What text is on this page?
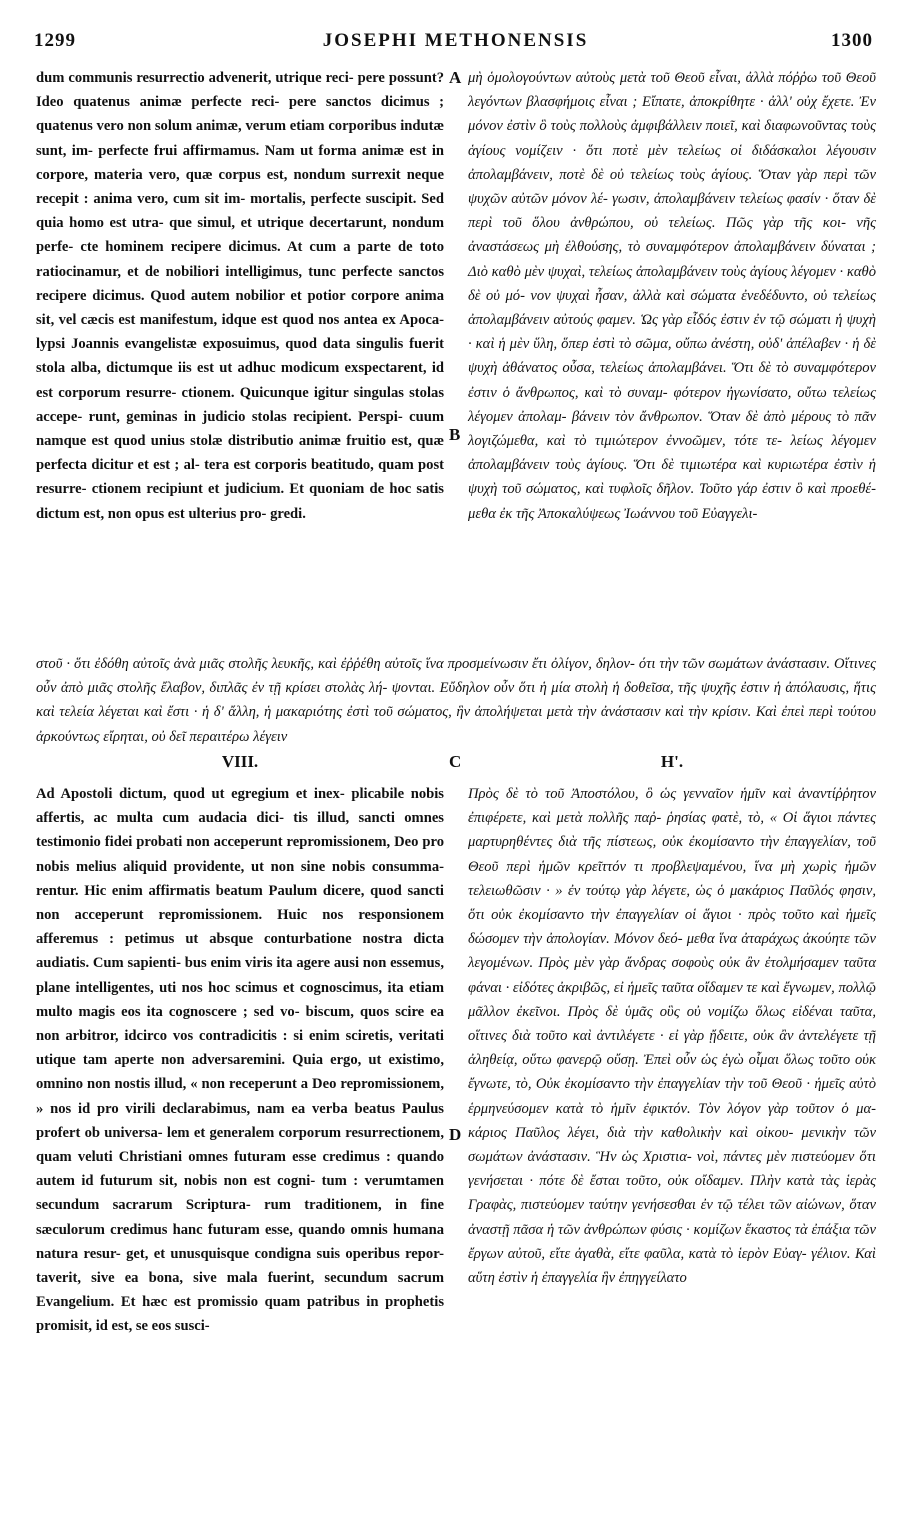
JOSEPHI METHONENSIS
1299	1300

dum communis resurrectio advenerit, utrique reci- pere possunt? Ideo quatenus animæ perfecte reci- pere sanctos dicimus ; quatenus vero non solum animæ, verum etiam corporibus indutæ sunt, im- perfecte frui affirmamus. Nam ut forma animæ est in corpore, materia vero, quæ corpus est, nondum surrexit neque recepit : anima vero, cum sit im- mortalis, perfecte suscipit. Sed quia homo est utra- que simul, et utrique decertarunt, nondum perfe- cte hominem recipere dicimus. At cum a parte de toto ratiocinamur, et de nobiliori intelligimus, tunc perfecte sanctos recipere dicimus. Quod autem nobilior et potior corpore anima sit, vel cæcis est manifestum, idque est quod nos antea ex Apoca- lypsi Joannis evangelistæ exposuimus, quod data singulis fuerit stola alba, dictumque iis est ut adhuc modicum exspectarent, id est corporum resurre- ctionem. Quicunque igitur singulas stolas accepe- runt, geminas in judicio stolas recipient. Perspi- cuum namque est quod unius stolæ distributio animæ fruitio est, quæ perfecta dicitur et est ; al- tera est corporis beatitudo, quam post resurre- ctionem recipiunt et judicium. Et quoniam de hoc satis dictum est, non opus est ulterius pro- gredi.

A
B

μὴ ὁμολογούντων αὐτοὺς μετὰ τοῦ Θεοῦ εἶναι, ἀλλὰ πόῤῥω τοῦ Θεοῦ λεγόντων βλασφήμοις εἶναι ; Εἴπατε, ἀποκρίθητε · ἀλλ' οὐχ ἔχετε. Ἐν μόνον ἐστὶν ὃ τοὺς πολλοὺς ἀμφιβάλλειν ποιεῖ, καὶ διαφωνοῦντας τοὺς ἁγίους νομίζειν · ὅτι ποτὲ μὲν τελείως οἱ διδάσκαλοι λέγουσιν ἀπολαμβάνειν, ποτὲ δὲ οὐ τελείως τοὺς ἁγίους. Ὅταν γὰρ περὶ τῶν ψυχῶν αὐτῶν μόνον λέ- γωσιν, ἀπολαμβάνειν τελείως φασίν · ὅταν δὲ περὶ τοῦ ὅλου ἀνθρώπου, οὐ τελείως. Πῶς γὰρ τῆς κοι- νῆς ἀναστάσεως μὴ ἐλθούσης, τὸ συναμφότερον ἀπολαμβάνειν δύναται ; Διὸ καθὸ μὲν ψυχαὶ, τελείως ἀπολαμβάνειν τοὺς ἁγίους λέγομεν · καθὸ δὲ οὐ μό- νον ψυχαὶ ἦσαν, ἀλλὰ καὶ σώματα ἐνεδέδυντο, οὐ τελείως ἀπολαμβάνειν αὐτούς φαμεν. Ὡς γὰρ εἶδός ἐστιν ἐν τῷ σώματι ἡ ψυχὴ · καὶ ἡ μὲν ὕλη, ὅπερ ἐστὶ τὸ σῶμα, οὔπω ἀνέστη, οὐδ' ἀπέλαβεν · ἡ δὲ ψυχὴ ἀθάνατος οὖσα, τελείως ἀπολαμβάνει. Ὅτι δὲ τὸ συναμφότερον ἐστιν ὁ ἄνθρωπος, καὶ τὸ συναμ- φότερον ἠγωνίσατο, οὔτω τελείως λέγομεν ἀπολαμ- βάνειν τὸν ἄνθρωπον. Ὅταν δὲ ἀπὸ μέρους τὸ πᾶν λογιζώμεθα, καὶ τὸ τιμιώτερον ἐννοῶμεν, τότε τε- λείως λέγομεν ἀπολαμβάνειν τοὺς ἁγίους. Ὅτι δὲ τιμιωτέρα καὶ κυριωτέρα ἐστὶν ἡ ψυχὴ τοῦ σώματος, καὶ τυφλοῖς δῆλον. Τοῦτο γάρ ἐστιν ὃ καὶ προεθέ- μεθα ἐκ τῆς Ἀποκαλύψεως Ἰωάννου τοῦ Εὐαγγελι-

στοῦ · ὅτι ἐδόθη αὐτοῖς ἀνὰ μιᾶς στολῆς λευκῆς, καὶ ἐῤῥέθη αὐτοῖς ἵνα προσμείνωσιν ἔτι ὀλίγον, δηλον- ότι τὴν τῶν σωμάτων ἀνάστασιν. Οἵτινες οὖν ἀπὸ μιᾶς στολῆς ἔλαβον, διπλᾶς ἐν τῇ κρίσει στολὰς λή- ψονται. Εὔδηλον οὖν ὅτι ἡ μία στολὴ ἡ δοθεῖσα, τῆς ψυχῆς ἐστιν ἡ ἀπόλαυσις, ἥτις καὶ τελεία λέγεται καὶ ἔστι · ἡ δ' ἄλλη, ἡ μακαριότης ἐστὶ τοῦ σώματος, ἣν ἀπολήψεται μετὰ τὴν ἀνάστασιν καὶ τὴν κρίσιν. Καὶ ἐπεὶ περὶ τούτου ἀρκούντως εἴρηται, οὐ δεῖ περαιτέρω λέγειν
VIII.	C	Η'.

Ad Apostoli dictum, quod ut egregium et inex- plicabile nobis affertis, ac multa cum audacia dici- tis illud, sancti omnes testimonio fidei probati non acceperunt repromissionem, Deo pro nobis melius aliquid providente, ut non sine nobis consumma- rentur. Hic enim affirmatis beatum Paulum dicere, quod sancti non acceperunt repromissionem. Huic nos responsionem afferemus : petimus ut absque conturbatione nostra dicta audiatis. Cum sapienti- bus enim viris ita agere ausi non essemus, plane intelligentes, uti nos hoc scimus et cognoscimus, ita etiam multo magis eos ita cognoscere ; sed vo- biscum, quos scire ea non arbitror, idcirco vos contradicitis : si enim sciretis, veritati utique tam aperte non adversaremini. Quia ergo, ut existimo, omnino non nostis illud, « non receperunt a Deo repromissionem, » nos id pro virili declarabimus, nam ea verba beatus Paulus profert ob universa- lem et generalem corporum resurrectionem, quam veluti Christiani omnes futuram esse credimus : quando autem id futurum sit, nobis non est cogni- tum : verumtamen secundum sacrarum Scriptura- rum traditionem, in fine sæculorum credimus hanc futuram esse, quando omnis humana natura resur- get, et unusquisque condigna suis operibus repor- taverit, sive ea bona, sive mala fuerint, secundum sacrum Evangelium. Et hæc est promissio quam patribus in prophetis promisit, id est, se eos susci-

D

Πρὸς δὲ τὸ τοῦ Ἀποστόλου, ὃ ὡς γενναῖον ἡμῖν καὶ ἀναντίῤῥητον ἐπιφέρετε, καὶ μετὰ πολλῆς παῤ- ῥησίας φατὲ, τὸ, « Οἱ ἅγιοι πάντες μαρτυρηθέντες διὰ τῆς πίστεως, οὐκ ἐκομίσαντο τὴν ἐπαγγελίαν, τοῦ Θεοῦ περὶ ἡμῶν κρεῖττόν τι προβλεψαμένου, ἵνα μὴ χωρὶς ἡμῶν τελειωθῶσιν · » ἐν τούτῳ γὰρ λέγετε, ὡς ὁ μακάριος Παῦλός φησιν, ὅτι οὐκ ἐκομίσαντο τὴν ἐπαγγελίαν οἱ ἅγιοι · πρὸς τοῦτο καὶ ἡμεῖς δώσομεν τὴν ἀπολογίαν. Μόνον δεό- μεθα ἵνα ἀταράχως ἀκούητε τῶν λεγομένων. Πρὸς μὲν γὰρ ἄνδρας σοφοὺς οὐκ ἂν ἐτολμήσαμεν ταῦτα φάναι · εἰδότες ἀκριβῶς, εἰ ἡμεῖς ταῦτα οἴδαμεν τε καὶ ἔγνωμεν, πολλῷ μᾶλλον ἐκεῖνοι. Πρὸς δὲ ὑμᾶς οὓς οὐ νομίζω ὅλως εἰδέναι ταῦτα, οἵτινες διὰ τοῦτο καὶ ἀντιλέγετε · εἰ γὰρ ᾔδειτε, οὐκ ἂν ἀντελέγετε τῇ ἀληθείᾳ, οὕτω φανερῷ οὔσῃ. Ἐπεὶ οὖν ὡς ἐγὼ οἶμαι ὅλως τοῦτο οὐκ ἔγνωτε, τὸ, Οὐκ ἐκομίσαντο τὴν ἐπαγγελίαν τὴν τοῦ Θεοῦ · ἡμεῖς αὐτὸ ἑρμηνεύσομεν κατὰ τὸ ἡμῖν ἐφικτόν. Τὸν λόγον γὰρ τοῦτον ὁ μα- κάριος Παῦλος λέγει, διὰ τὴν καθολικὴν καὶ οἰκου- μενικὴν τῶν σωμάτων ἀνάστασιν. Ἣν ὡς Χριστια- νοὶ, πάντες μὲν πιστεύομεν ὅτι γενήσεται · πότε δὲ ἔσται τοῦτο, οὐκ οἴδαμεν. Πλὴν κατὰ τὰς ἱερὰς Γραφὰς, πιστεύομεν ταύτην γενήσεσθαι ἐν τῷ τέλει τῶν αἰώνων, ὅταν ἀναστῇ πᾶσα ἡ τῶν ἀνθρώπων φύσις · κομίζων ἕκαστος τὰ ἐπάξια τῶν ἔργων αὐτοῦ, εἴτε ἀγαθὰ, εἴτε φαῦλα, κατὰ τὸ ἱερὸν Εὐαγ- γέλιον. Καὶ αὕτη ἐστὶν ἡ ἐπαγγελία ἣν ἐπηγγείλατο
